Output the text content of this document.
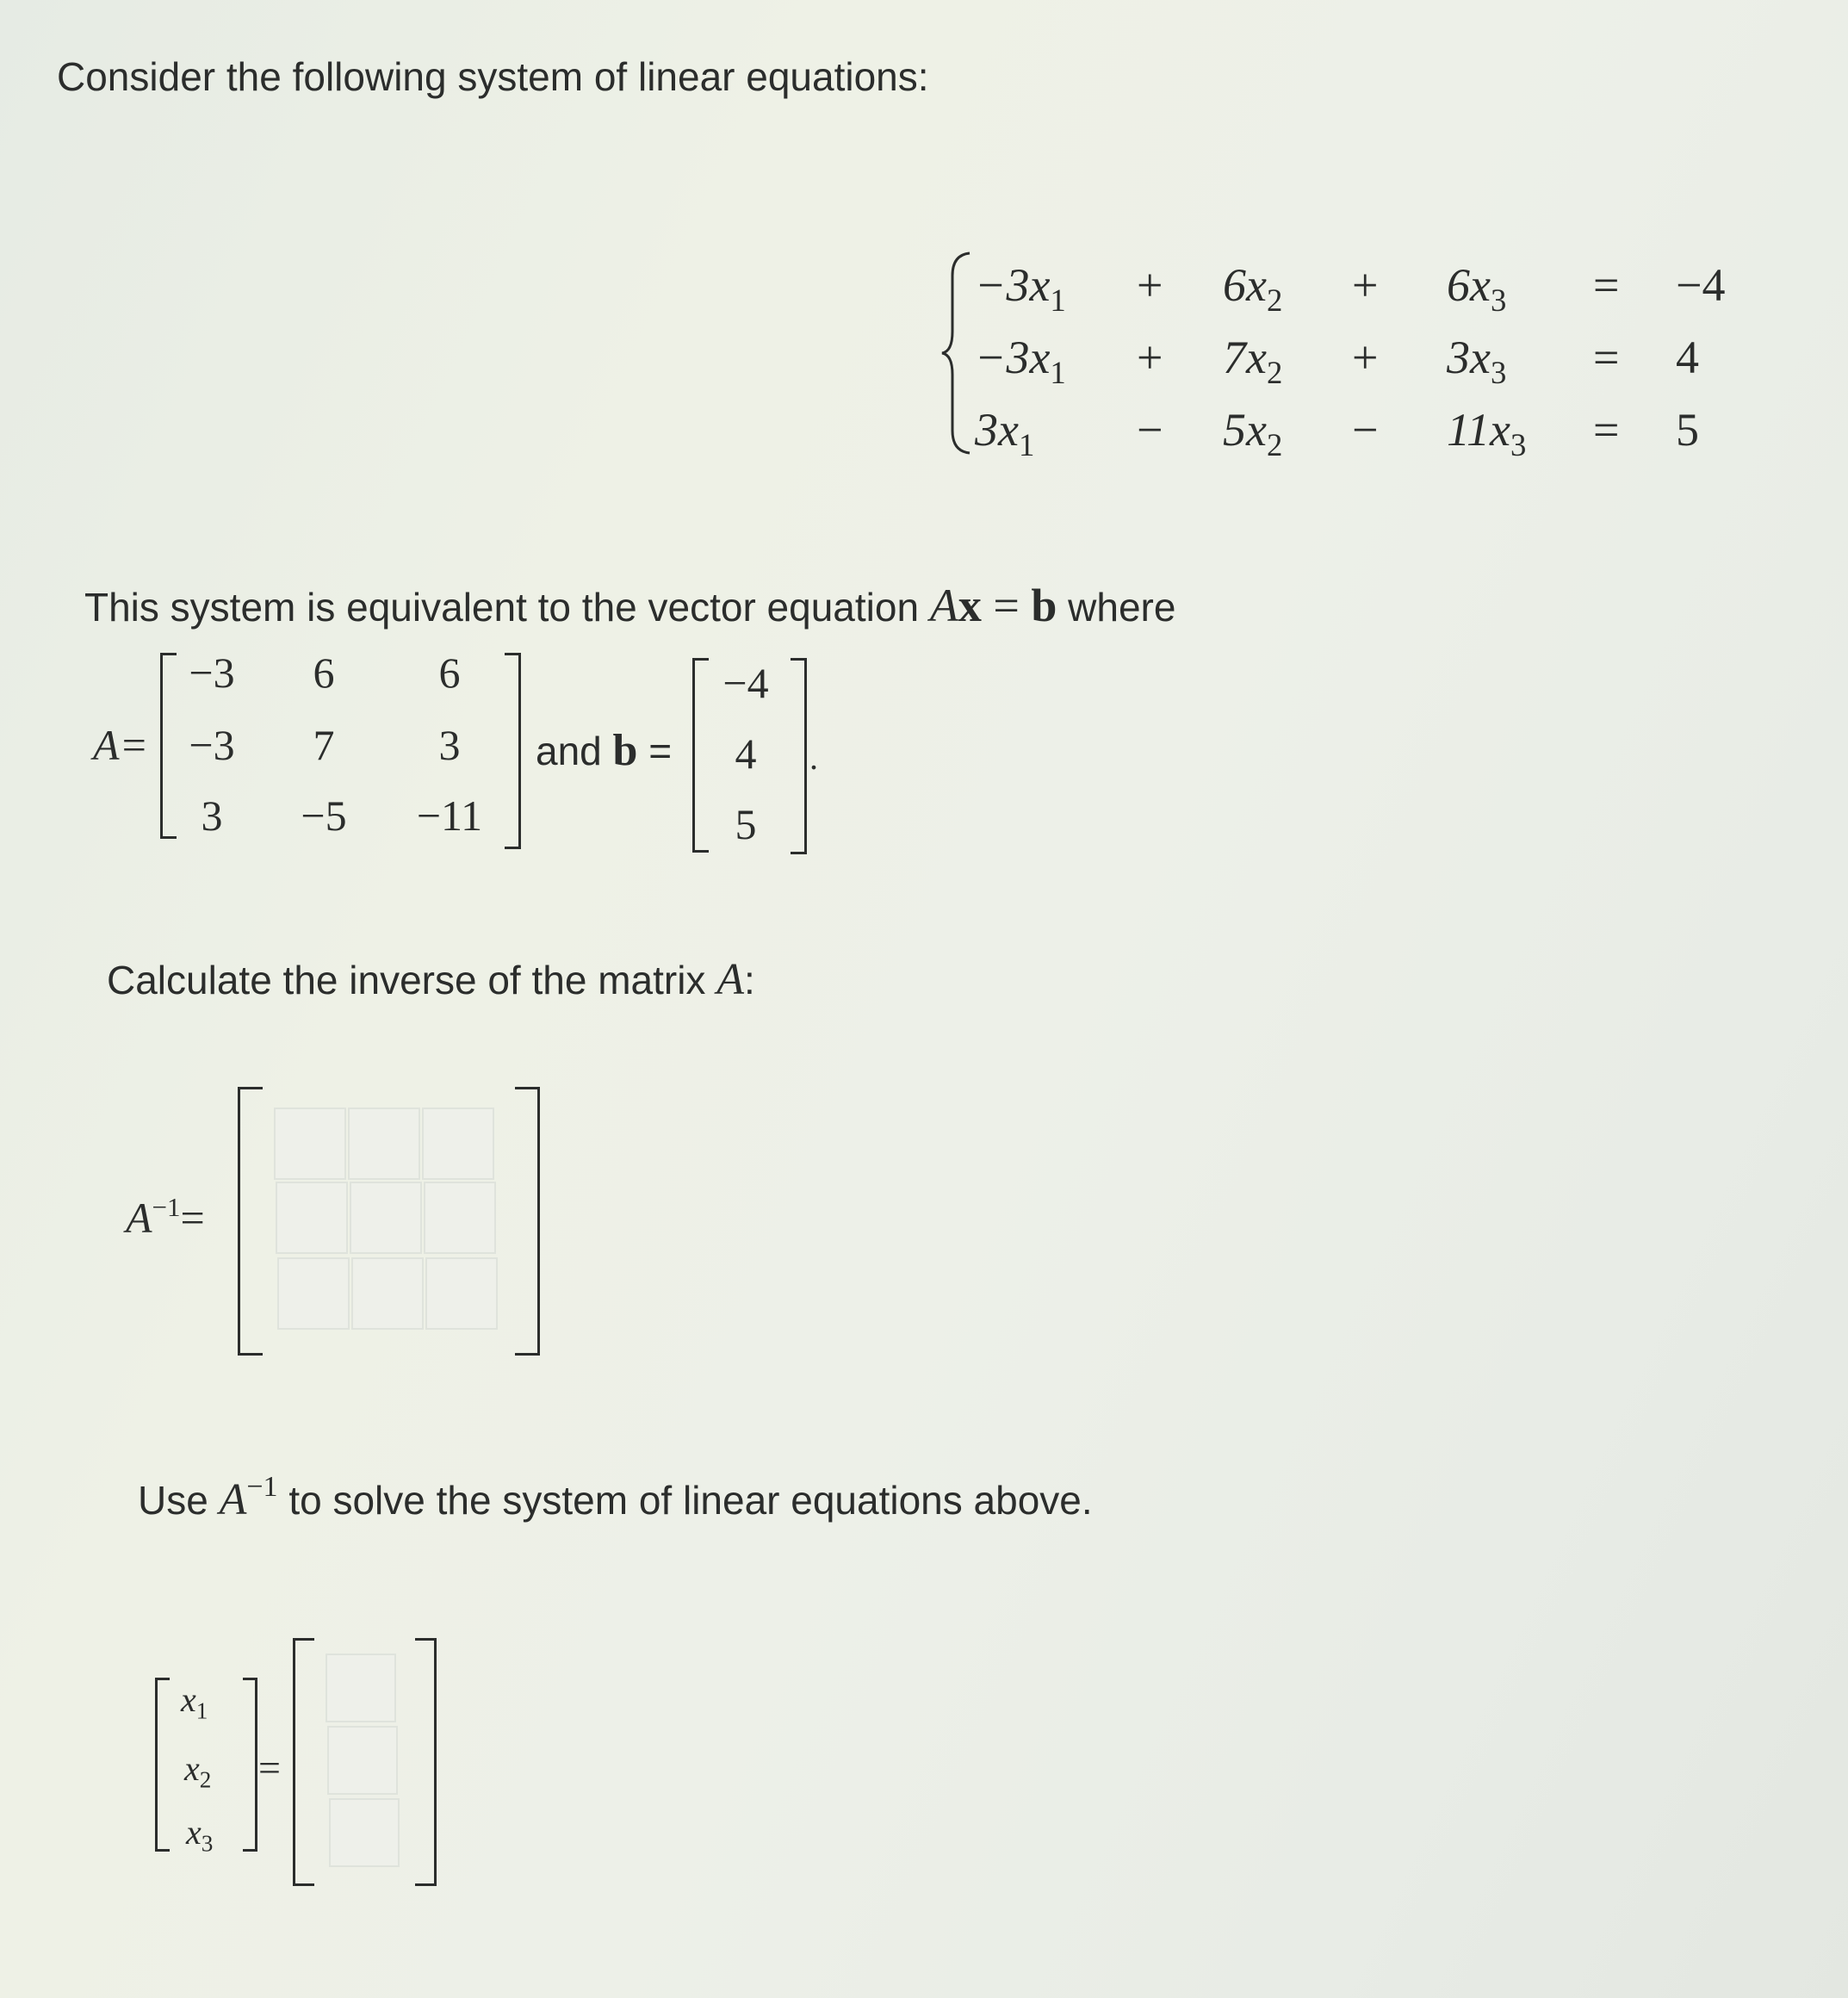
Consider the following system of linear equations:
$-3x_1 + 6x_2 + 6x_3 = -4$
$-3x_1 + 7x_2 + 3x_3 = 4$
$3x_1 - 5x_2 - 11x_3 = 5$
This system is equivalent to the vector equation Ax = b where
A=
−3	6	6
−3	7	3
3	−5	−11
and b =
−4
4
5
.
Calculate the inverse of the matrix A:
$A^{-1}=$
Use $A^{-1}$ to solve the system of linear equations above.
$x_1$
$x_2$
$x_3$
=
